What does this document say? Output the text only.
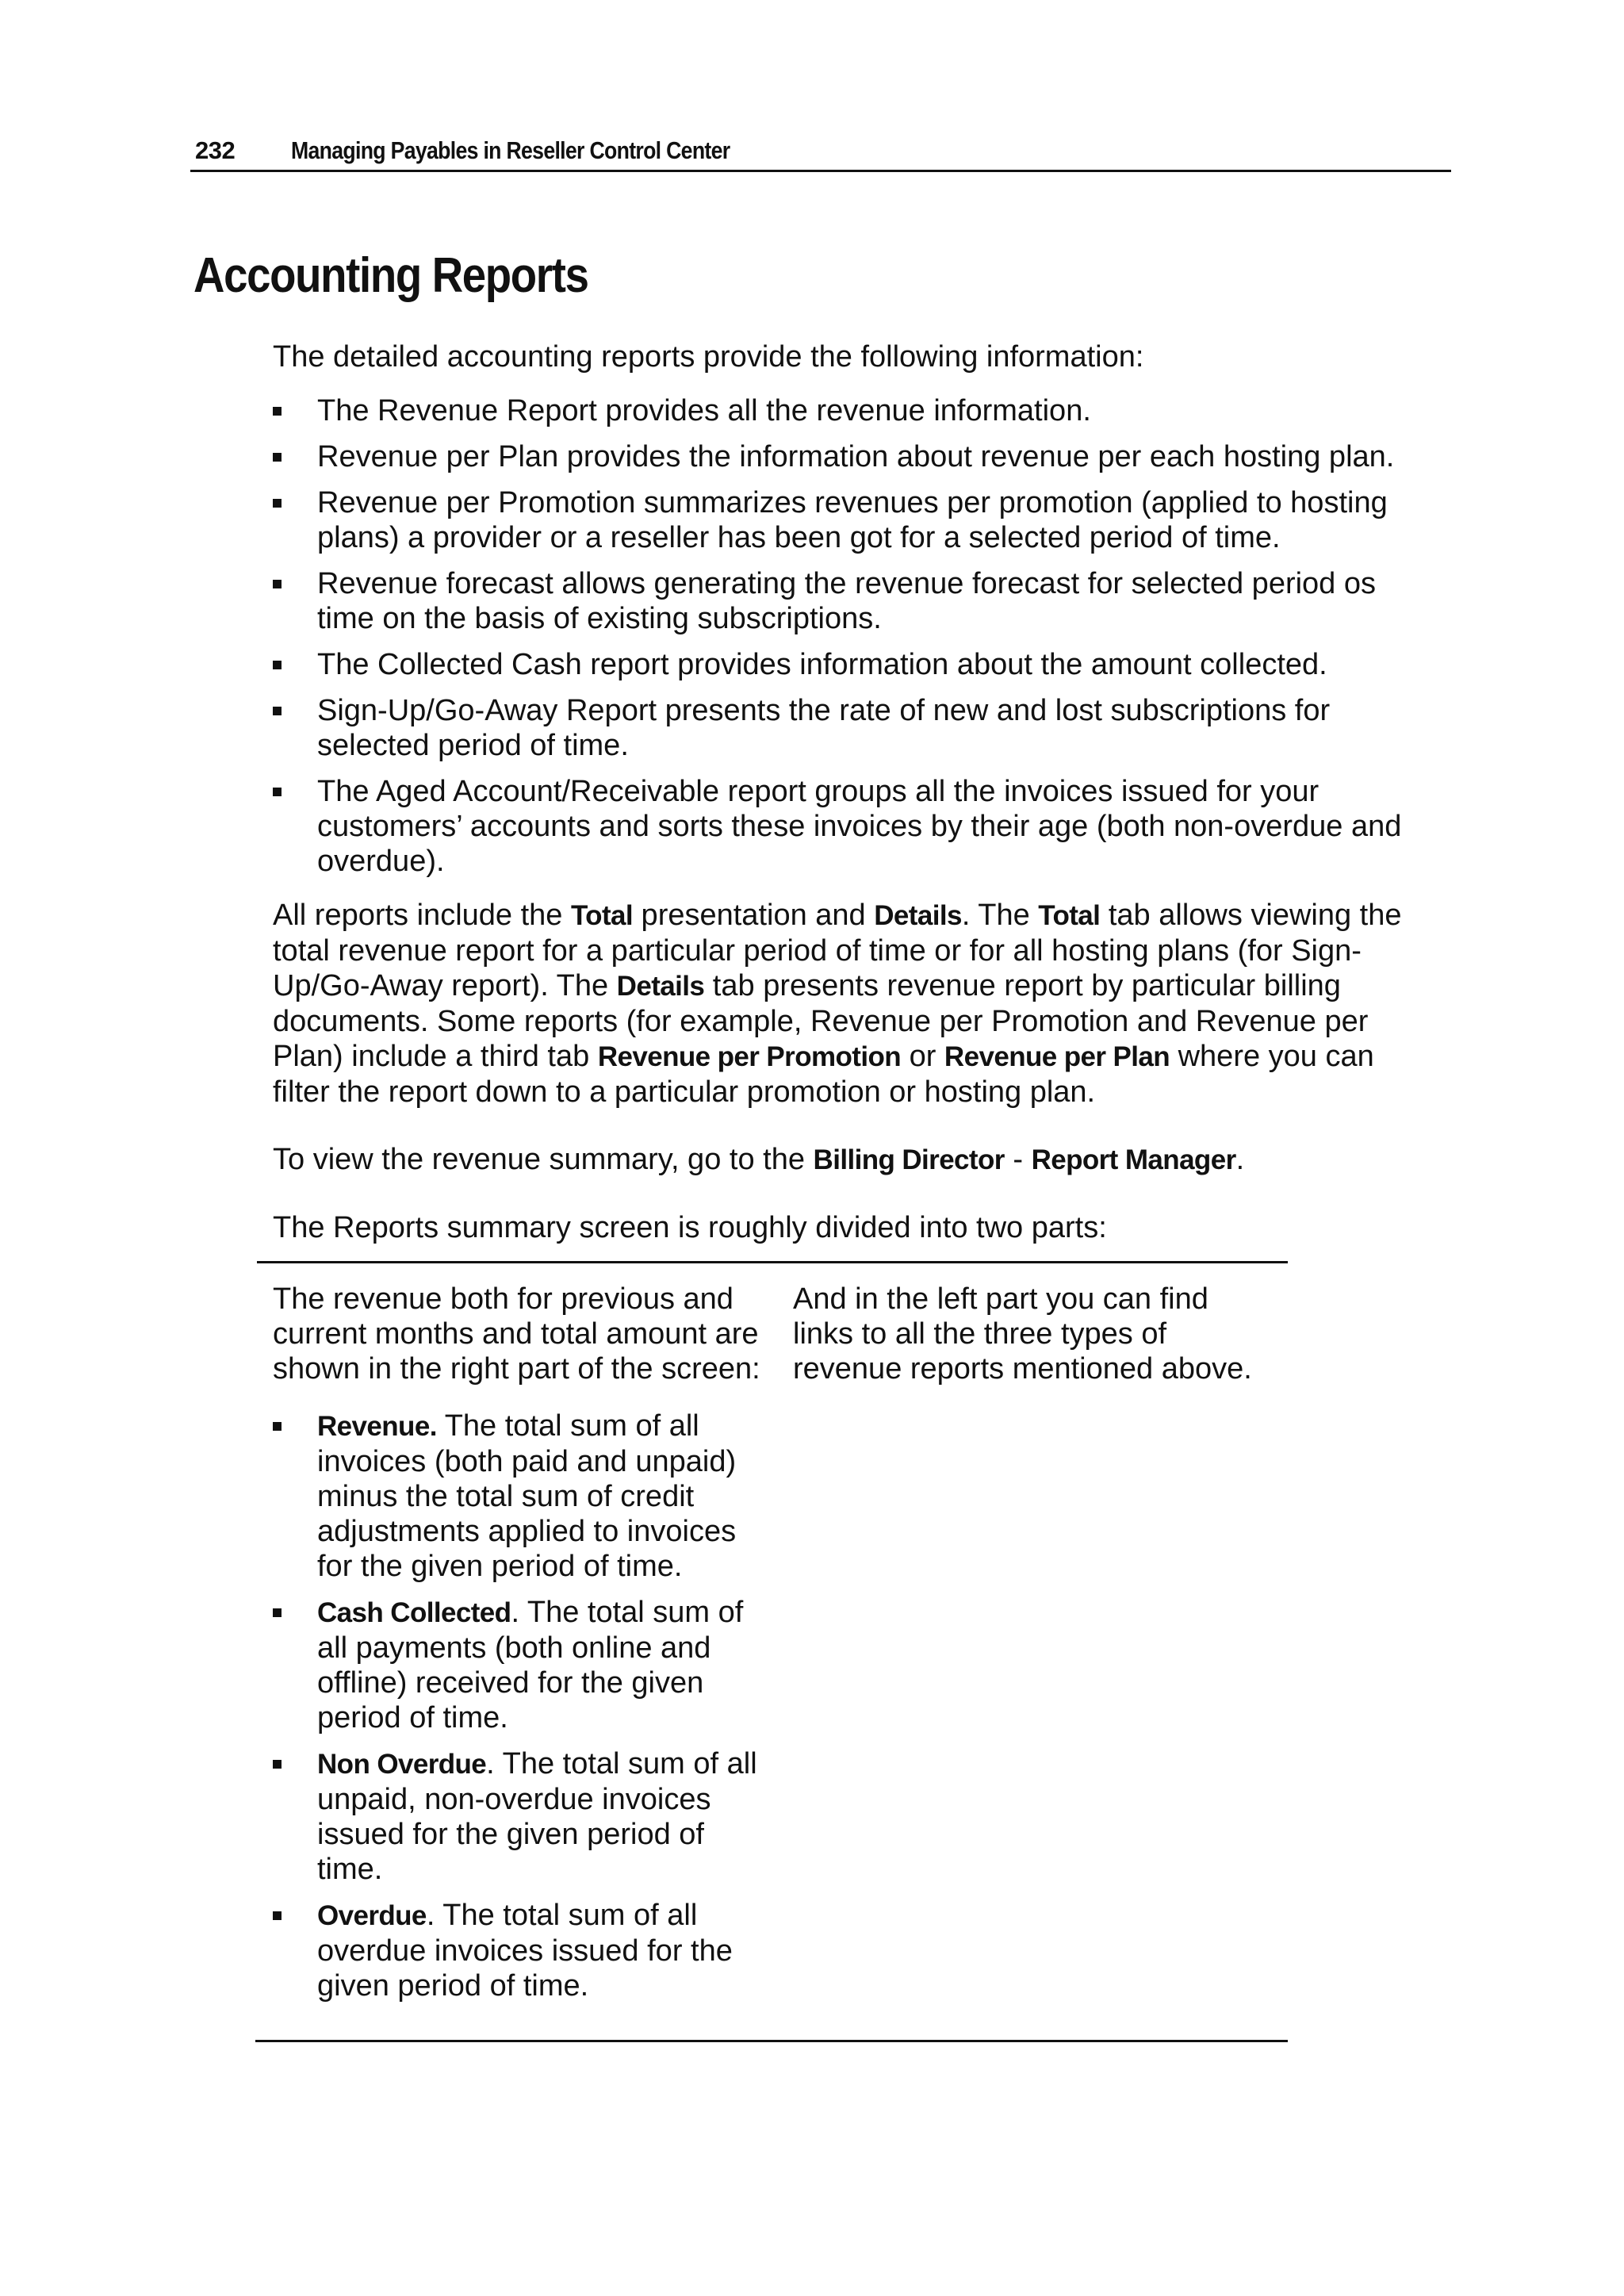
232 Managing Payables in Reseller Control Center
Accounting Reports

The detailed accounting reports provide the following information:

The Revenue Report provides all the revenue information.
Revenue per Plan provides the information about revenue per each hosting plan.
Revenue per Promotion summarizes revenues per promotion (applied to hosting plans) a provider or a reseller has been got for a selected period of time.
Revenue forecast allows generating the revenue forecast for selected period os time on the basis of existing subscriptions.
The Collected Cash report provides information about the amount collected.
Sign-Up/Go-Away Report presents the rate of new and lost subscriptions for selected period of time.
The Aged Account/Receivable report groups all the invoices issued for your customers’ accounts and sorts these invoices by their age (both non-overdue and overdue).

All reports include the Total presentation and Details. The Total tab allows viewing the total revenue report for a particular period of time or for all hosting plans (for Sign-Up/Go-Away report). The Details tab presents revenue report by particular billing documents. Some reports (for example, Revenue per Promotion and Revenue per Plan) include a third tab Revenue per Promotion or Revenue per Plan where you can filter the report down to a particular promotion or hosting plan.

To view the revenue summary, go to the Billing Director - Report Manager.

The Reports summary screen is roughly divided into two parts:

The revenue both for previous and current months and total amount are shown in the right part of the screen:

Revenue. The total sum of all invoices (both paid and unpaid) minus the total sum of credit adjustments applied to invoices for the given period of time.
Cash Collected. The total sum of all payments (both online and offline) received for the given period of time.
Non Overdue. The total sum of all unpaid, non-overdue invoices issued for the given period of time.
Overdue. The total sum of all overdue invoices issued for the given period of time.

And in the left part you can find links to all the three types of revenue reports mentioned above.
